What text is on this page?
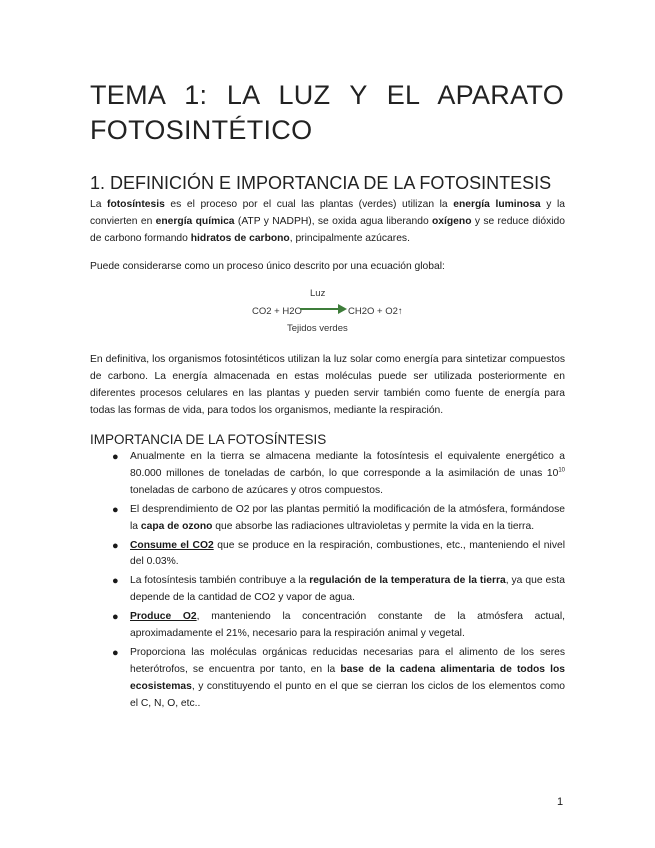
TEMA 1: LA LUZ Y EL APARATO FOTOSINTÉTICO
1. DEFINICIÓN E IMPORTANCIA DE LA FOTOSINTESIS

La fotosíntesis es el proceso por el cual las plantas (verdes) utilizan la energía luminosa y la convierten en energía química (ATP y NADPH), se oxida agua liberando oxígeno y se reduce dióxido de carbono formando hidratos de carbono, principalmente azúcares.

Puede considerarse como un proceso único descrito por una ecuación global:

Luz
CO2 + H2O	CH2O + O2↑
Tejidos verdes

En definitiva, los organismos fotosintéticos utilizan la luz solar como energía para sintetizar compuestos de carbono. La energía almacenada en estas moléculas puede ser utilizada posteriormente en diferentes procesos celulares en las plantas y pueden servir también como fuente de energía para todas las formas de vida, para todos los organismos, mediante la respiración.

IMPORTANCIA DE LA FOTOSÍNTESIS
● Anualmente en la tierra se almacena mediante la fotosíntesis el equivalente energético a 80.000 millones de toneladas de carbón, lo que corresponde a la asimilación de unas $10^{10}$ toneladas de carbono de azúcares y otros compuestos.
● El desprendimiento de O2 por las plantas permitió la modificación de la atmósfera, formándose la capa de ozono que absorbe las radiaciones ultravioletas y permite la vida en la tierra.
● Consume el CO2 que se produce en la respiración, combustiones, etc., manteniendo el nivel del 0.03%.
● La fotosíntesis también contribuye a la regulación de la temperatura de la tierra, ya que esta depende de la cantidad de CO2 y vapor de agua.
● Produce O2, manteniendo la concentración constante de la atmósfera actual, aproximadamente el 21%, necesario para la respiración animal y vegetal.
● Proporciona las moléculas orgánicas reducidas necesarias para el alimento de los seres heterótrofos, se encuentra por tanto, en la base de la cadena alimentaria de todos los ecosistemas, y constituyendo el punto en el que se cierran los ciclos de los elementos como el C, N, O, etc..
1
